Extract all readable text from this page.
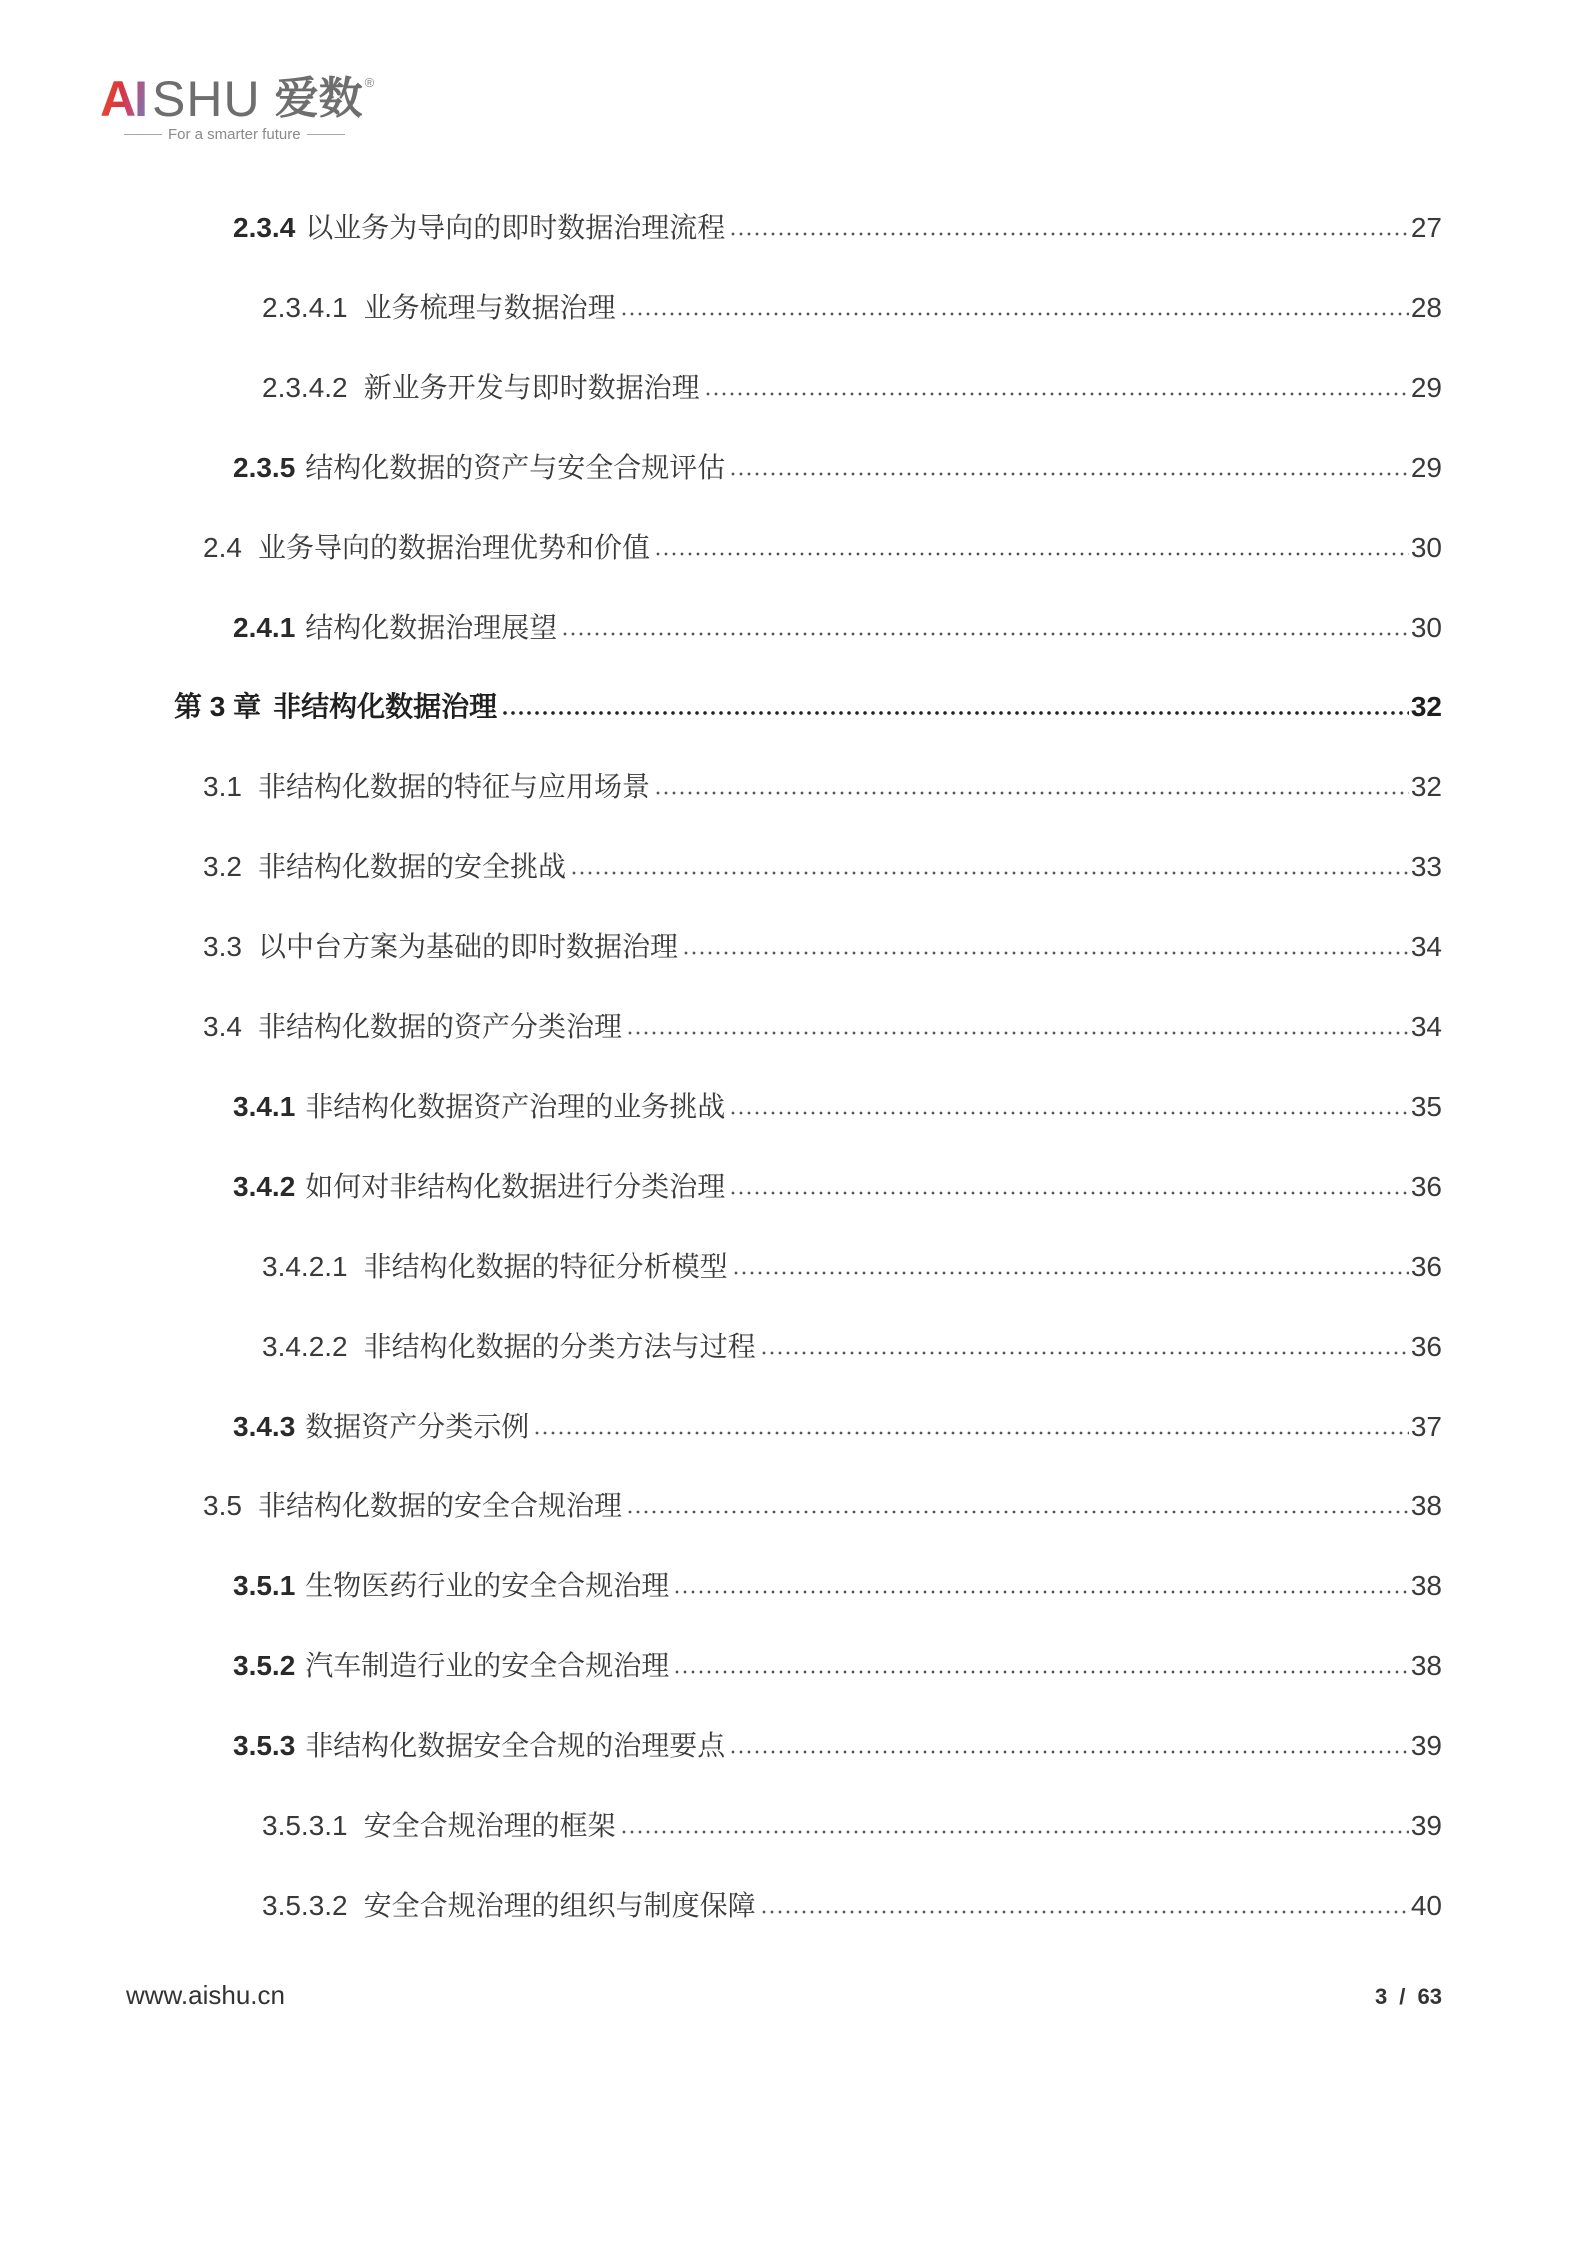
AI SHU 爱数 ®
For a smarter future
2.3.4 以业务为导向的即时数据治理流程	27
2.3.4.1 业务梳理与数据治理	28
2.3.4.2 新业务开发与即时数据治理	29
2.3.5 结构化数据的资产与安全合规评估	29
2.4 业务导向的数据治理优势和价值	30
2.4.1 结构化数据治理展望	30
第 3 章 非结构化数据治理	32
3.1 非结构化数据的特征与应用场景	32
3.2 非结构化数据的安全挑战	33
3.3 以中台方案为基础的即时数据治理	34
3.4 非结构化数据的资产分类治理	34
3.4.1 非结构化数据资产治理的业务挑战	35
3.4.2 如何对非结构化数据进行分类治理	36
3.4.2.1 非结构化数据的特征分析模型	36
3.4.2.2 非结构化数据的分类方法与过程	36
3.4.3 数据资产分类示例	37
3.5 非结构化数据的安全合规治理	38
3.5.1 生物医药行业的安全合规治理	38
3.5.2 汽车制造行业的安全合规治理	38
3.5.3 非结构化数据安全合规的治理要点	39
3.5.3.1 安全合规治理的框架	39
3.5.3.2 安全合规治理的组织与制度保障	40
www.aishu.cn	3 / 63
